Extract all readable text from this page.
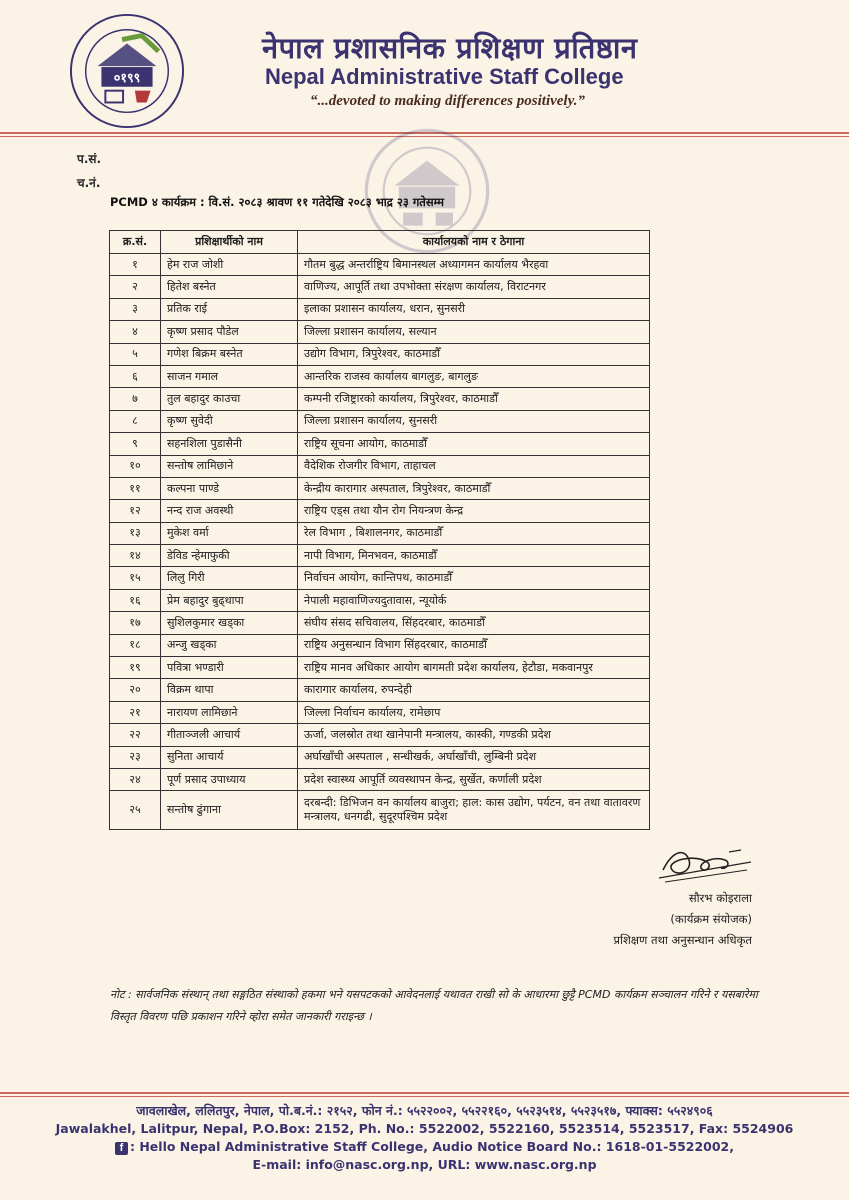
०१९९
नेपाल प्रशासनिक प्रशिक्षण प्रतिष्ठान
Nepal Administrative Staff College
“...devoted to making differences positively.”
प.सं.
च.नं.
PCMD ४ कार्यक्रम : वि.सं. २०८३ श्रावण ११ गतेदेखि २०८३ भाद्र २३ गतेसम्म
क्र.सं.	प्रशिक्षार्थीको नाम	कार्यालयको नाम र ठेगाना
१	हेम राज जोशी	गौतम बुद्ध अन्तर्राष्ट्रिय बिमानस्थल अध्यागमन कार्यालय भैरहवा
२	हितेश बस्नेत	वाणिज्य, आपूर्ति तथा उपभोक्ता संरक्षण कार्यालय, विराटनगर
३	प्रतिक राई	इलाका प्रशासन कार्यालय, धरान, सुनसरी
४	कृष्ण प्रसाद पौडेल	जिल्ला प्रशासन कार्यालय, सल्यान
५	गणेश बिक्रम बस्नेत	उद्योग विभाग, त्रिपुरेश्वर, काठमाडौँ
६	साजन गमाल	आन्तरिक राजस्व कार्यालय बागलुङ, बागलुङ
७	तुल बहादुर काउचा	कम्पनी रजिष्ट्रारको कार्यालय, त्रिपुरेश्वर, काठमाडौँ
८	कृष्ण सुवेदी	जिल्ला प्रशासन कार्यालय, सुनसरी
९	सहनशिला पुडासैनी	राष्ट्रिय सूचना आयोग, काठमाडौँ
१०	सन्तोष लामिछाने	वैदेशिक रोजगीर विभाग, ताहाचल
११	कल्पना पाण्डे	केन्द्रीय कारागार अस्पताल, त्रिपुरेश्वर, काठमाडौँ
१२	नन्द राज अवस्थी	राष्ट्रिय एड्स तथा यौन रोग नियन्त्रण केन्द्र
१३	मुकेश वर्मा	रेल विभाग , बिशालनगर, काठमाडौँ
१४	डेविड न्हेमाफुकी	नापी विभाग, मिनभवन, काठमाडौँ
१५	लिलु गिरी	निर्वाचन आयोग, कान्तिपथ, काठमाडौँ
१६	प्रेम बहादुर बुढ्थापा	नेपाली महावाणिज्यदुतावास, न्यूयोर्क
१७	सुशिलकुमार खड्का	संघीय संसद सचिवालय, सिंहदरबार, काठमाडौँ
१८	अन्जु खड्का	राष्ट्रिय अनुसन्धान विभाग सिंहदरबार, काठमाडौँ
१९	पवित्रा भण्डारी	राष्ट्रिय मानव अधिकार आयोग बागमती प्रदेश कार्यालय, हेटौडा, मकवानपुर
२०	विक्रम थापा	कारागार कार्यालय, रुपन्देही
२१	नारायण लामिछाने	जिल्ला निर्वाचन कार्यालय, रामेछाप
२२	गीताञ्जली आचार्य	ऊर्जा, जलस्रोत तथा खानेपानी मन्त्रालय, कास्की, गण्डकी प्रदेश
२३	सुनिता आचार्य	अर्घाखाँची अस्पताल , सन्धीखर्क, अर्घाखाँची, लुम्बिनी प्रदेश
२४	पूर्ण प्रसाद उपाध्याय	प्रदेश स्वास्थ्य आपूर्ति व्यवस्थापन केन्द्र, सुर्खेत, कर्णाली प्रदेश
२५	सन्तोष ढुंगाना	दरबन्दी: डिभिजन वन कार्यालय बाजुरा; हाल: कास उद्योग, पर्यटन, वन तथा वातावरण मन्त्रालय, धनगढी, सुदूरपश्चिम प्रदेश
सौरभ कोइराला
(कार्यक्रम संयोजक)
प्रशिक्षण तथा अनुसन्धान अधिकृत
नोट : सार्वजनिक संस्थान् तथा सङ्गठित संस्थाको हकमा भने यसपटकको आवेदनलाई यथावत राखी सो के आधारमा छुट्टै PCMD कार्यक्रम सञ्चालन गरिने र यसबारेमा विस्तृत विवरण पछि प्रकाशन गरिने व्होरा समेत जानकारी गराइन्छ ।
जावलाखेल, ललितपुर, नेपाल, पो.ब.नं.: २१५२, फोन नं.: ५५२२००२, ५५२२१६०, ५५२३५१४, ५५२३५१७, फ्याक्स: ५५२४९०६
Jawalakhel, Lalitpur, Nepal, P.O.Box: 2152, Ph. No.: 5522002, 5522160, 5523514, 5523517, Fax: 5524906
f : Hello Nepal Administrative Staff College, Audio Notice Board No.: 1618-01-5522002,
E-mail: info@nasc.org.np, URL: www.nasc.org.np
